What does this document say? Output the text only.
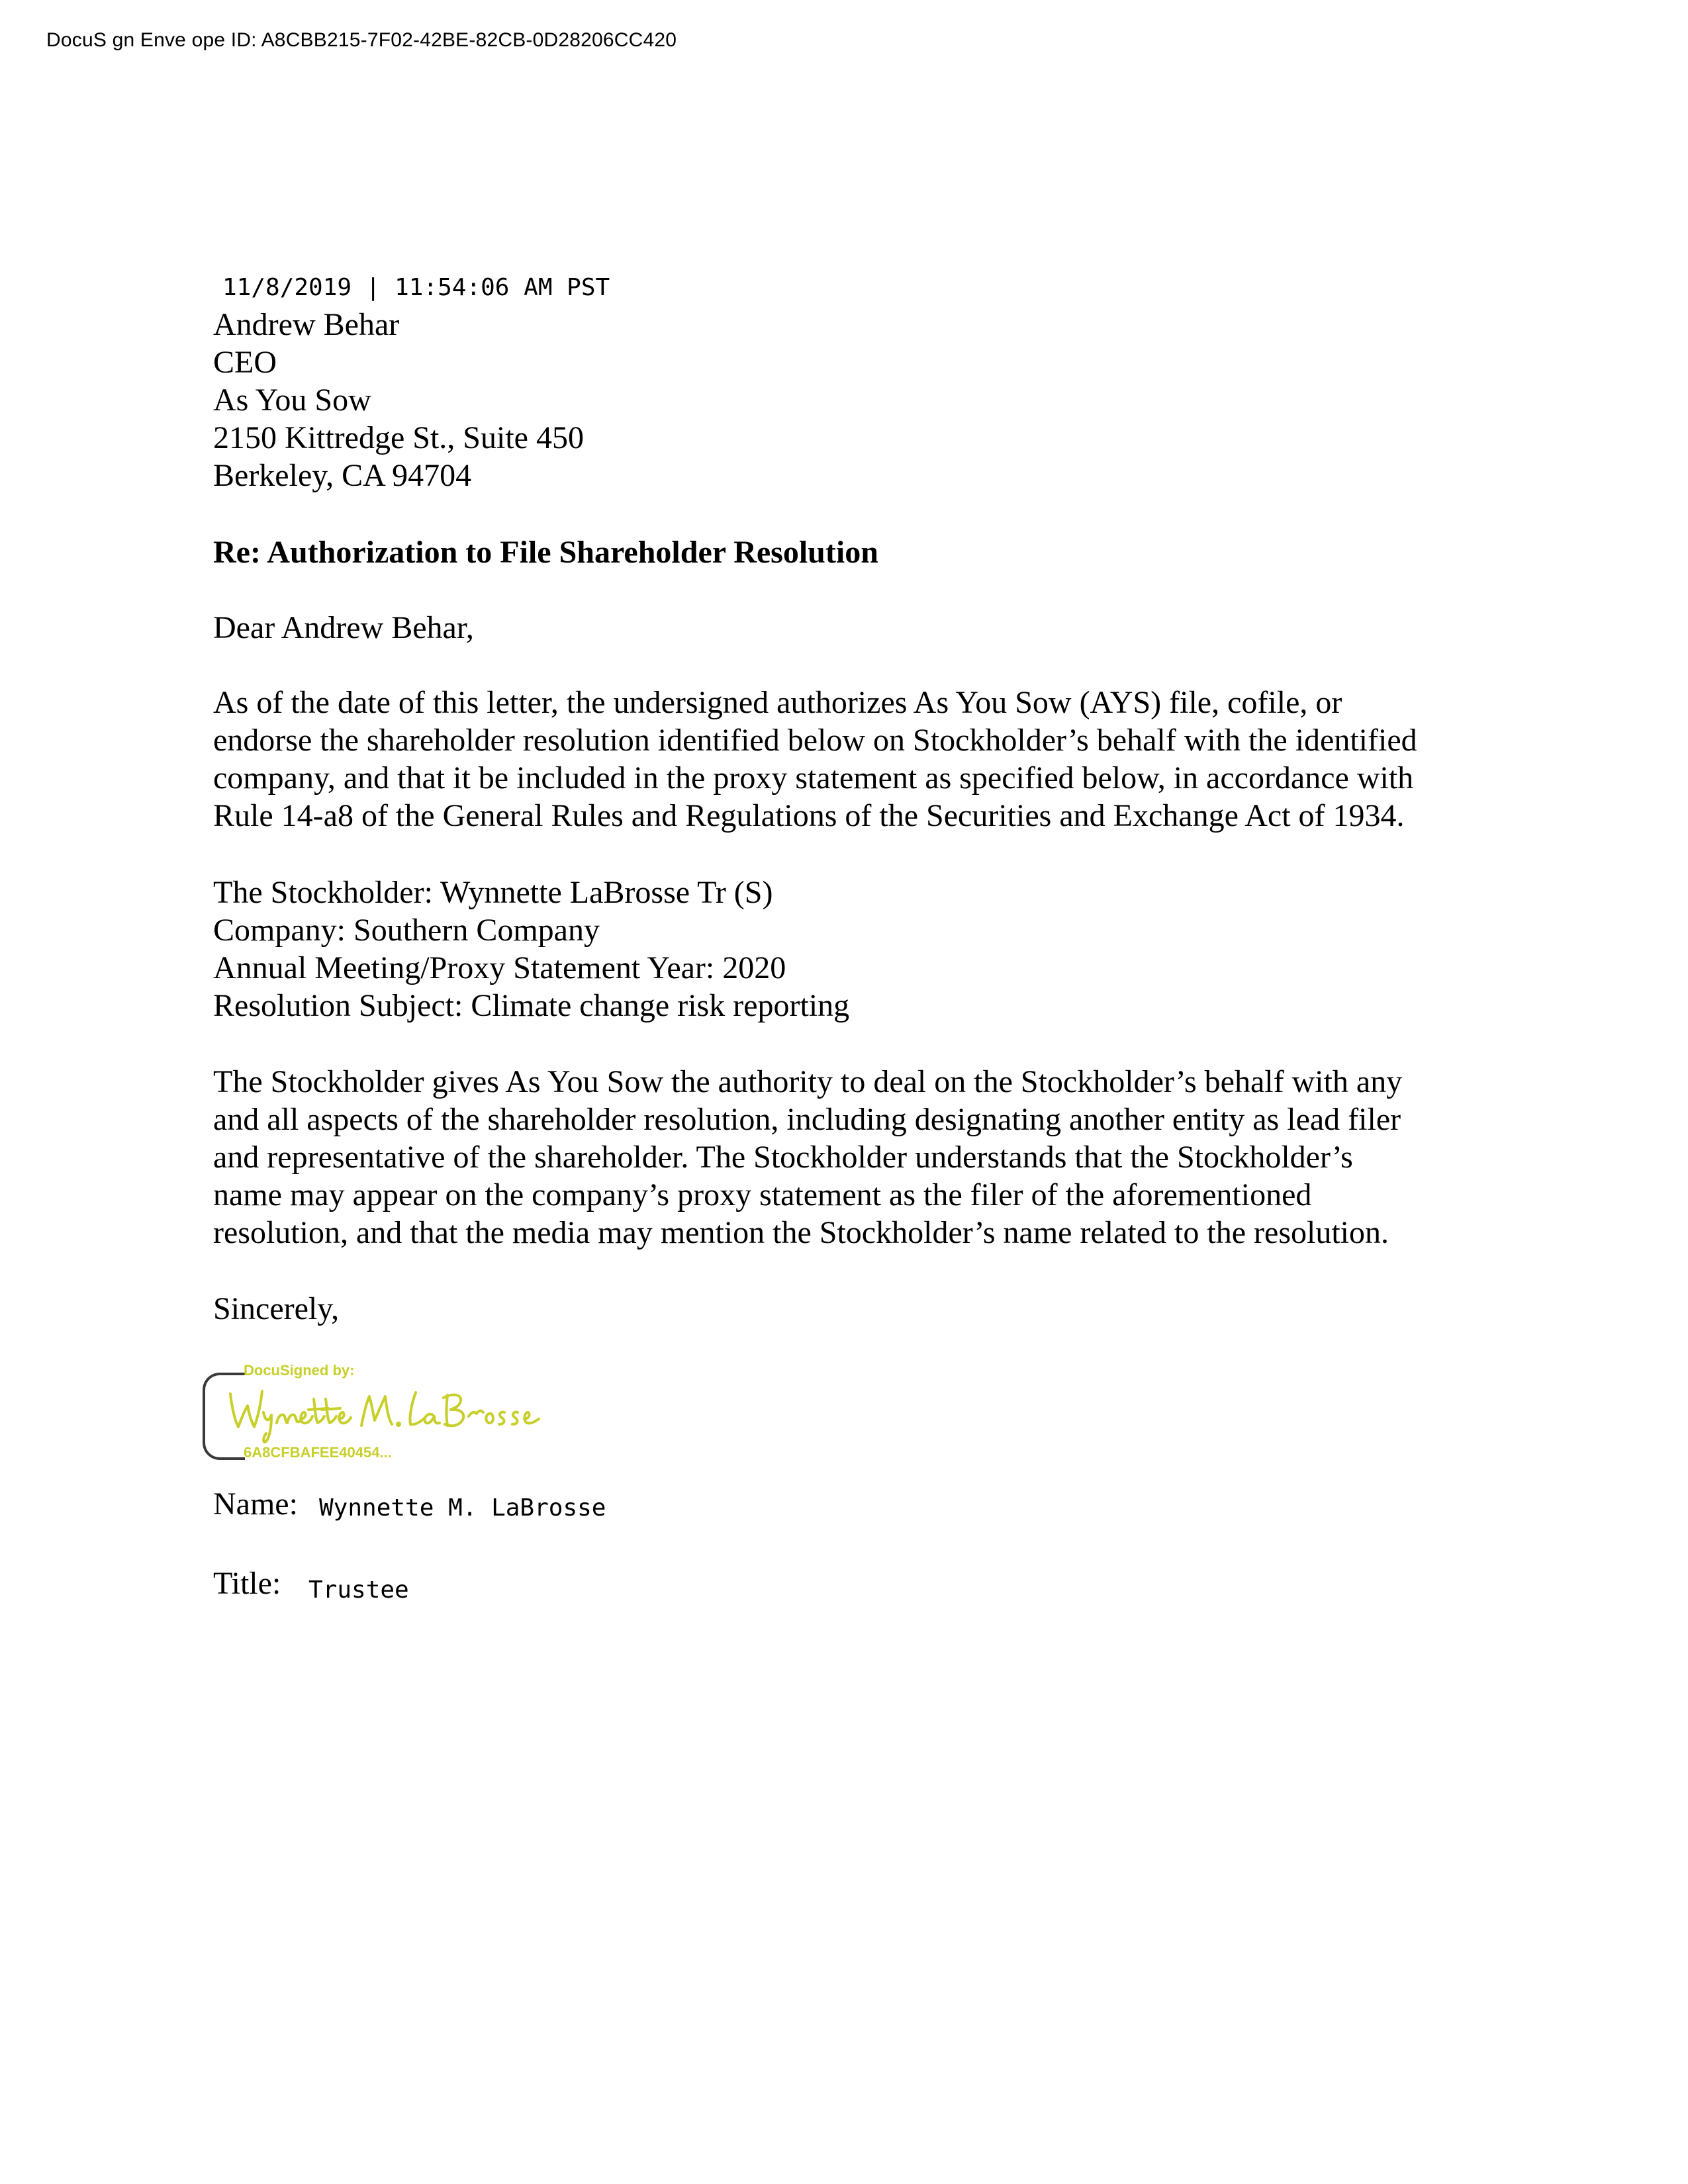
DocuS gn Enve ope ID: A8CBB215-7F02-42BE-82CB-0D28206CC420
11/8/2019 | 11:54:06 AM PST
Andrew Behar
CEO
As You Sow
2150 Kittredge St., Suite 450
Berkeley, CA 94704
Re: Authorization to File Shareholder Resolution
Dear Andrew Behar,
As of the date of this letter, the undersigned authorizes As You Sow (AYS) file, cofile, or
endorse the shareholder resolution identified below on Stockholder’s behalf with the identified
company, and that it be included in the proxy statement as specified below, in accordance with
Rule 14-a8 of the General Rules and Regulations of the Securities and Exchange Act of 1934.
The Stockholder: Wynnette LaBrosse Tr (S)
Company: Southern Company
Annual Meeting/Proxy Statement Year: 2020
Resolution Subject: Climate change risk reporting
The Stockholder gives As You Sow the authority to deal on the Stockholder’s behalf with any
and all aspects of the shareholder resolution, including designating another entity as lead filer
and representative of the shareholder. The Stockholder understands that the Stockholder’s
name may appear on the company’s proxy statement as the filer of the aforementioned
resolution, and that the media may mention the Stockholder’s name related to the resolution.
Sincerely,
DocuSigned by:
6A8CFBAFEE40454...
Name: Wynnette M. LaBrosse
Title: Trustee
